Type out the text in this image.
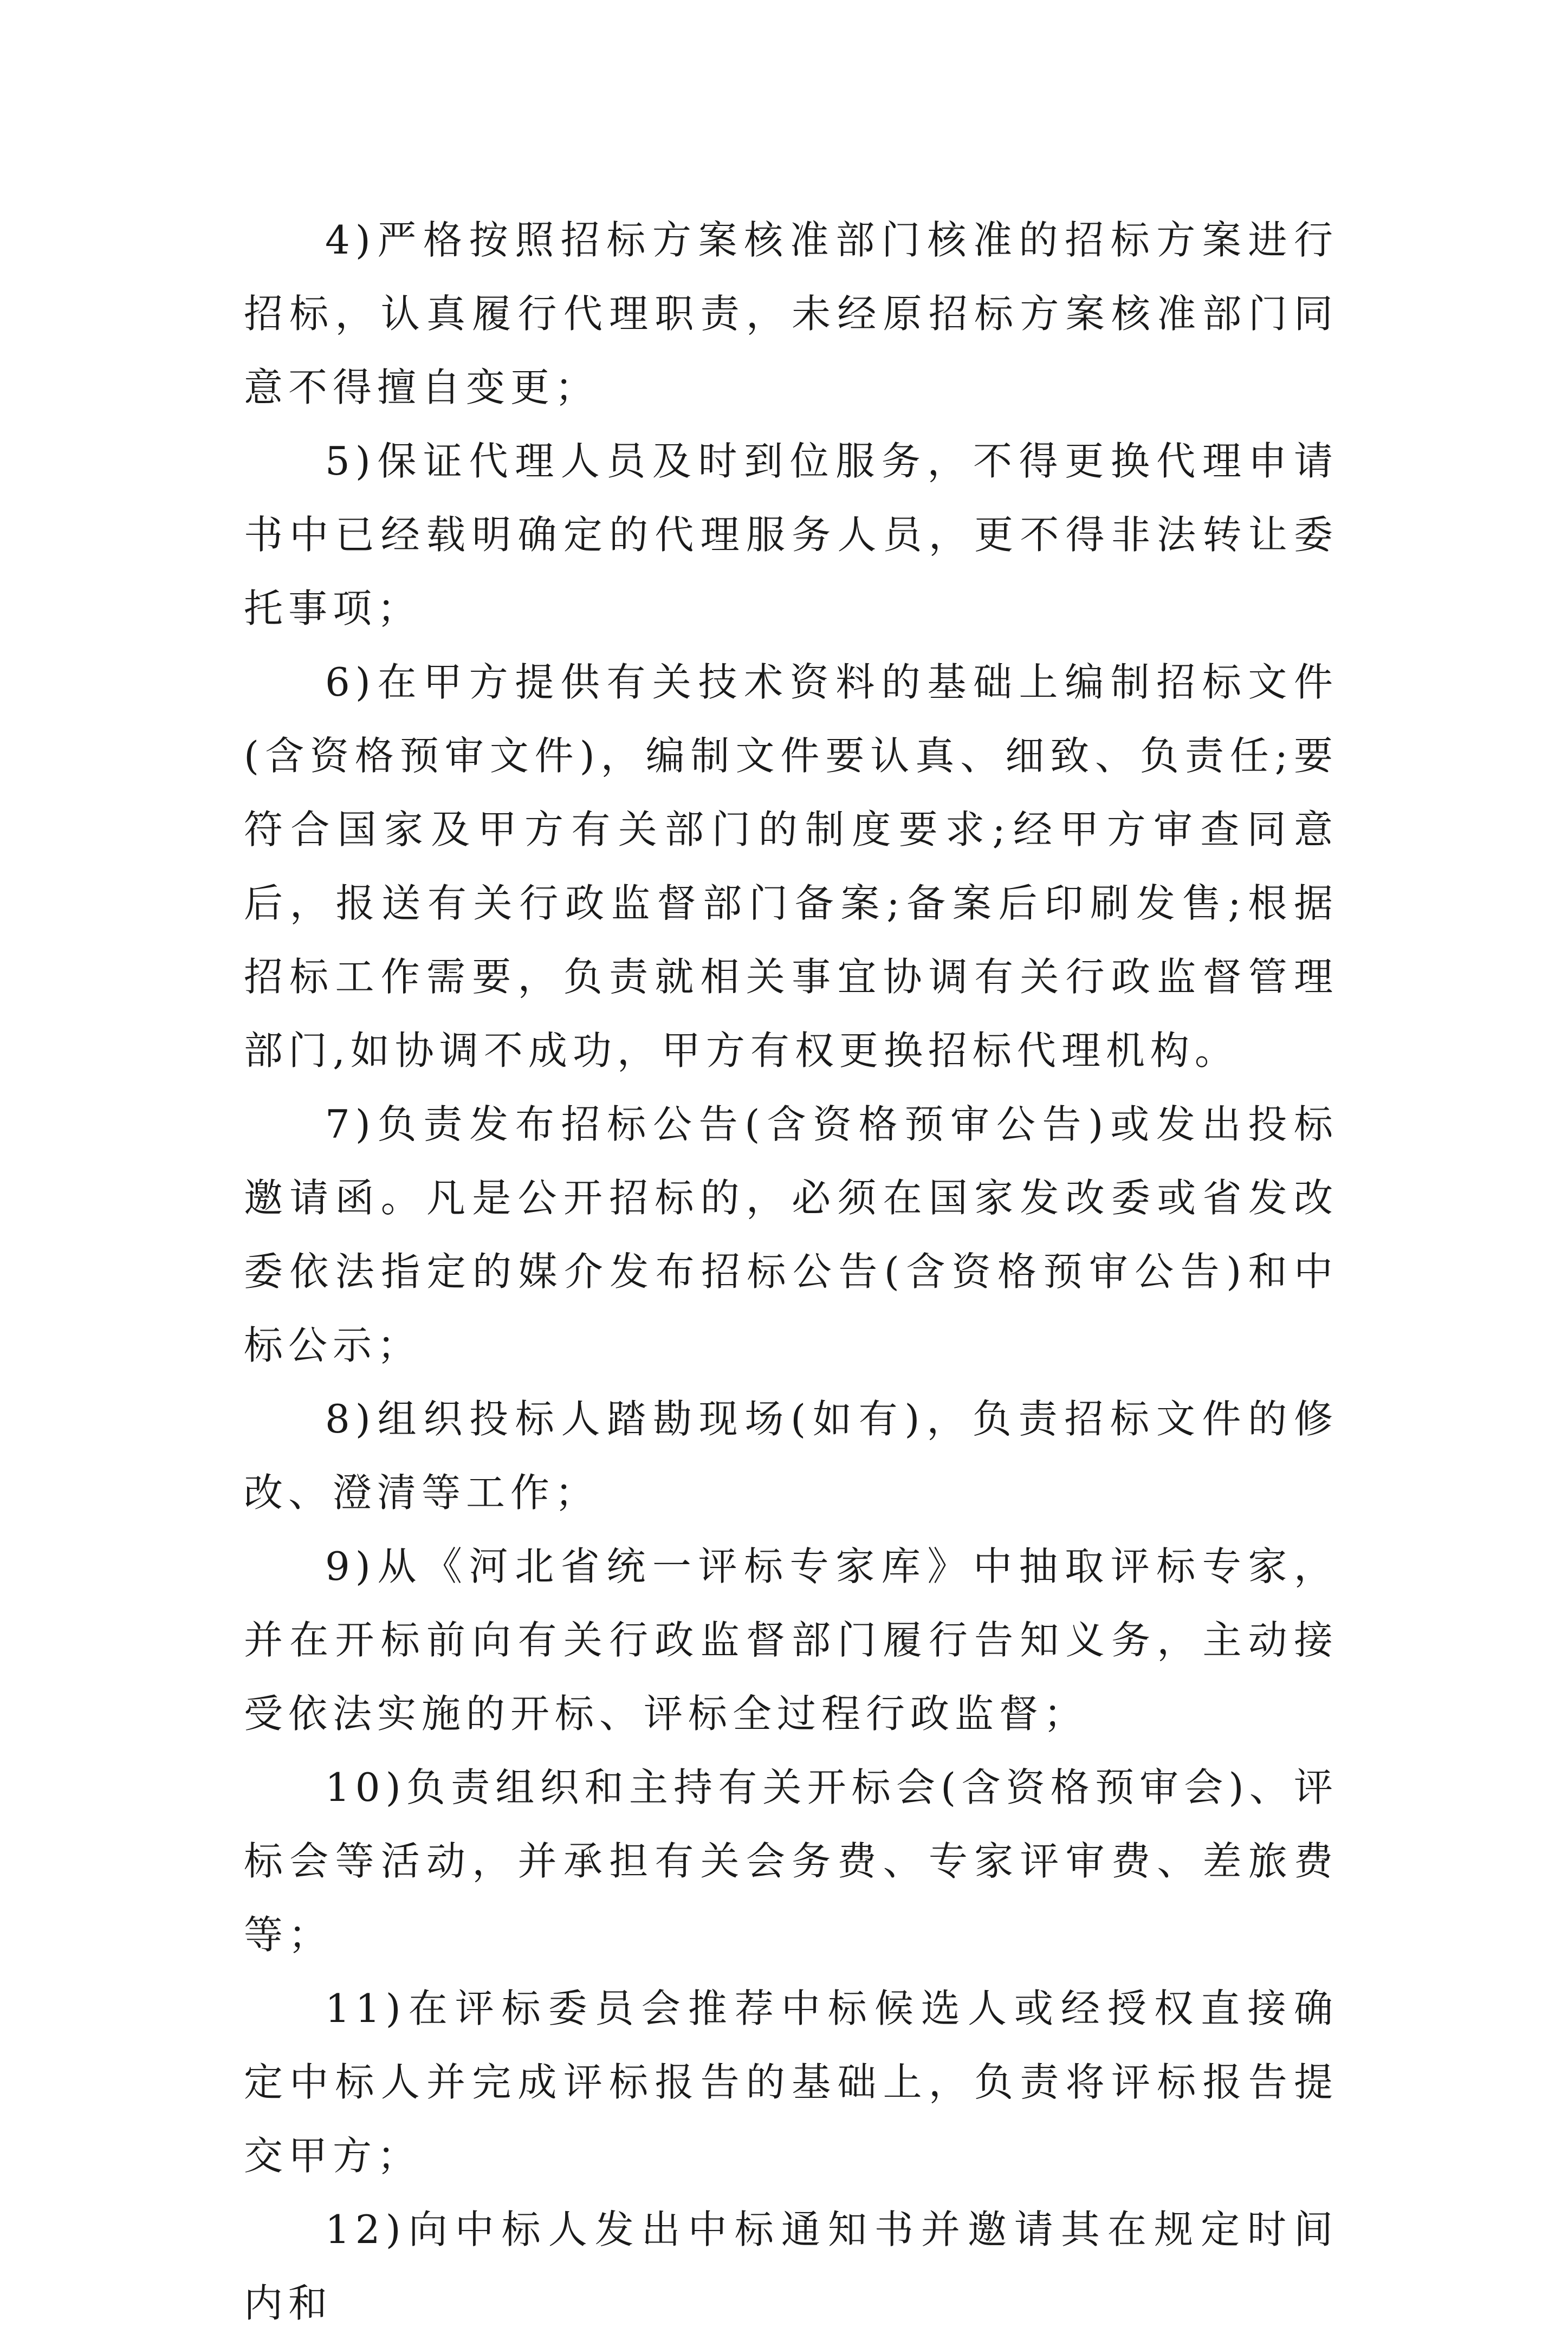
4)严格按照招标方案核准部门核准的招标方案进行招标，认真履行代理职责，未经原招标方案核准部门同意不得擅自变更；

5)保证代理人员及时到位服务，不得更换代理申请书中已经载明确定的代理服务人员，更不得非法转让委托事项；

6)在甲方提供有关技术资料的基础上编制招标文件(含资格预审文件)，编制文件要认真、细致、负责任;要符合国家及甲方有关部门的制度要求;经甲方审查同意后，报送有关行政监督部门备案;备案后印刷发售;根据招标工作需要，负责就相关事宜协调有关行政监督管理部门,如协调不成功，甲方有权更换招标代理机构。

7)负责发布招标公告(含资格预审公告)或发出投标邀请函。凡是公开招标的，必须在国家发改委或省发改委依法指定的媒介发布招标公告(含资格预审公告)和中标公示；

8)组织投标人踏勘现场(如有)，负责招标文件的修改、澄清等工作；

9)从《河北省统一评标专家库》中抽取评标专家，并在开标前向有关行政监督部门履行告知义务，主动接受依法实施的开标、评标全过程行政监督；

10)负责组织和主持有关开标会(含资格预审会)、评标会等活动，并承担有关会务费、专家评审费、差旅费等；

11)在评标委员会推荐中标候选人或经授权直接确定中标人并完成评标报告的基础上，负责将评标报告提交甲方；

12)向中标人发出中标通知书并邀请其在规定时间内和
